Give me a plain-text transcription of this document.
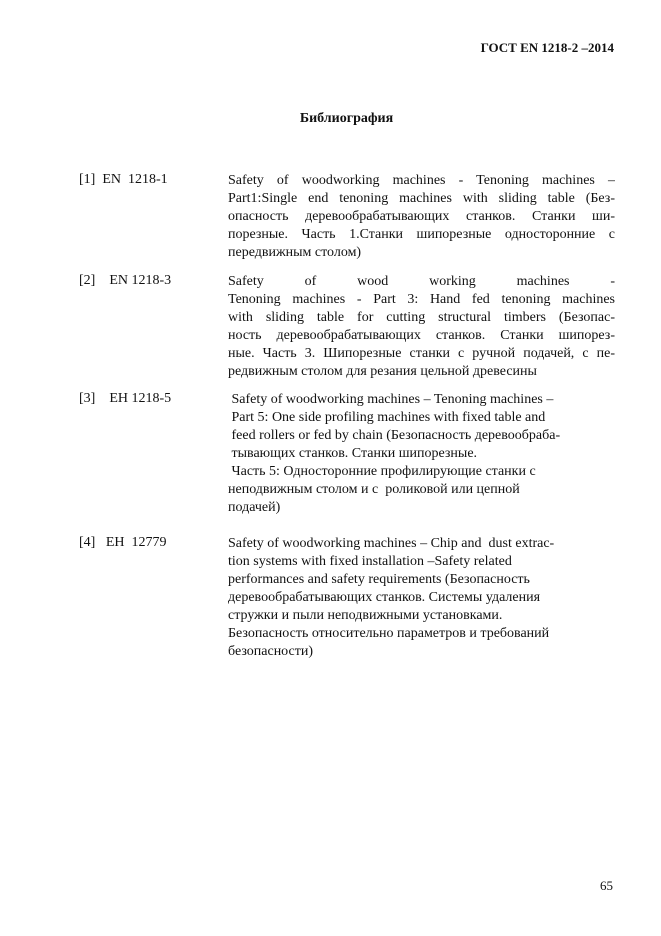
ГОСТ EN 1218-2 –2014
Библиография
[1]  EN  1218-1	Safety of woodworking machines - Tenoning machines –
Part1:Single end tenoning machines with sliding table (Без-
опасность деревообрабатывающих станков. Станки ши-
порезные. Часть 1.Станки шипорезные односторонние с
передвижным столом)
[2]    EN 1218-3	Safety of wood working machines -
Tenoning machines - Part 3: Hand fed tenoning machines
with sliding table for cutting structural timbers (Безопас-
ность деревообрабатывающих станков. Станки шипорез-
ные. Часть 3. Шипорезные станки с ручной подачей, с пе-
редвижным столом для резания цельной древесины
[3]    EH 1218-5	Safety of woodworking machines – Tenoning machines –
Part 5: One side profiling machines with fixed table and
feed rollers or fed by chain (Безопасность деревообраба-
тывающих станков. Станки шипорезные.
Часть 5: Односторонние профилирующие станки с
неподвижным столом и с  роликовой или цепной
подачей)
[4]   EH  12779	Safety of woodworking machines – Chip and  dust extrac-
tion systems with fixed installation –Safety related
performances and safety requirements (Безопасность
деревообрабатывающих станков. Системы удаления
стружки и пыли неподвижными установками.
Безопасность относительно параметров и требований
безопасности)
65
